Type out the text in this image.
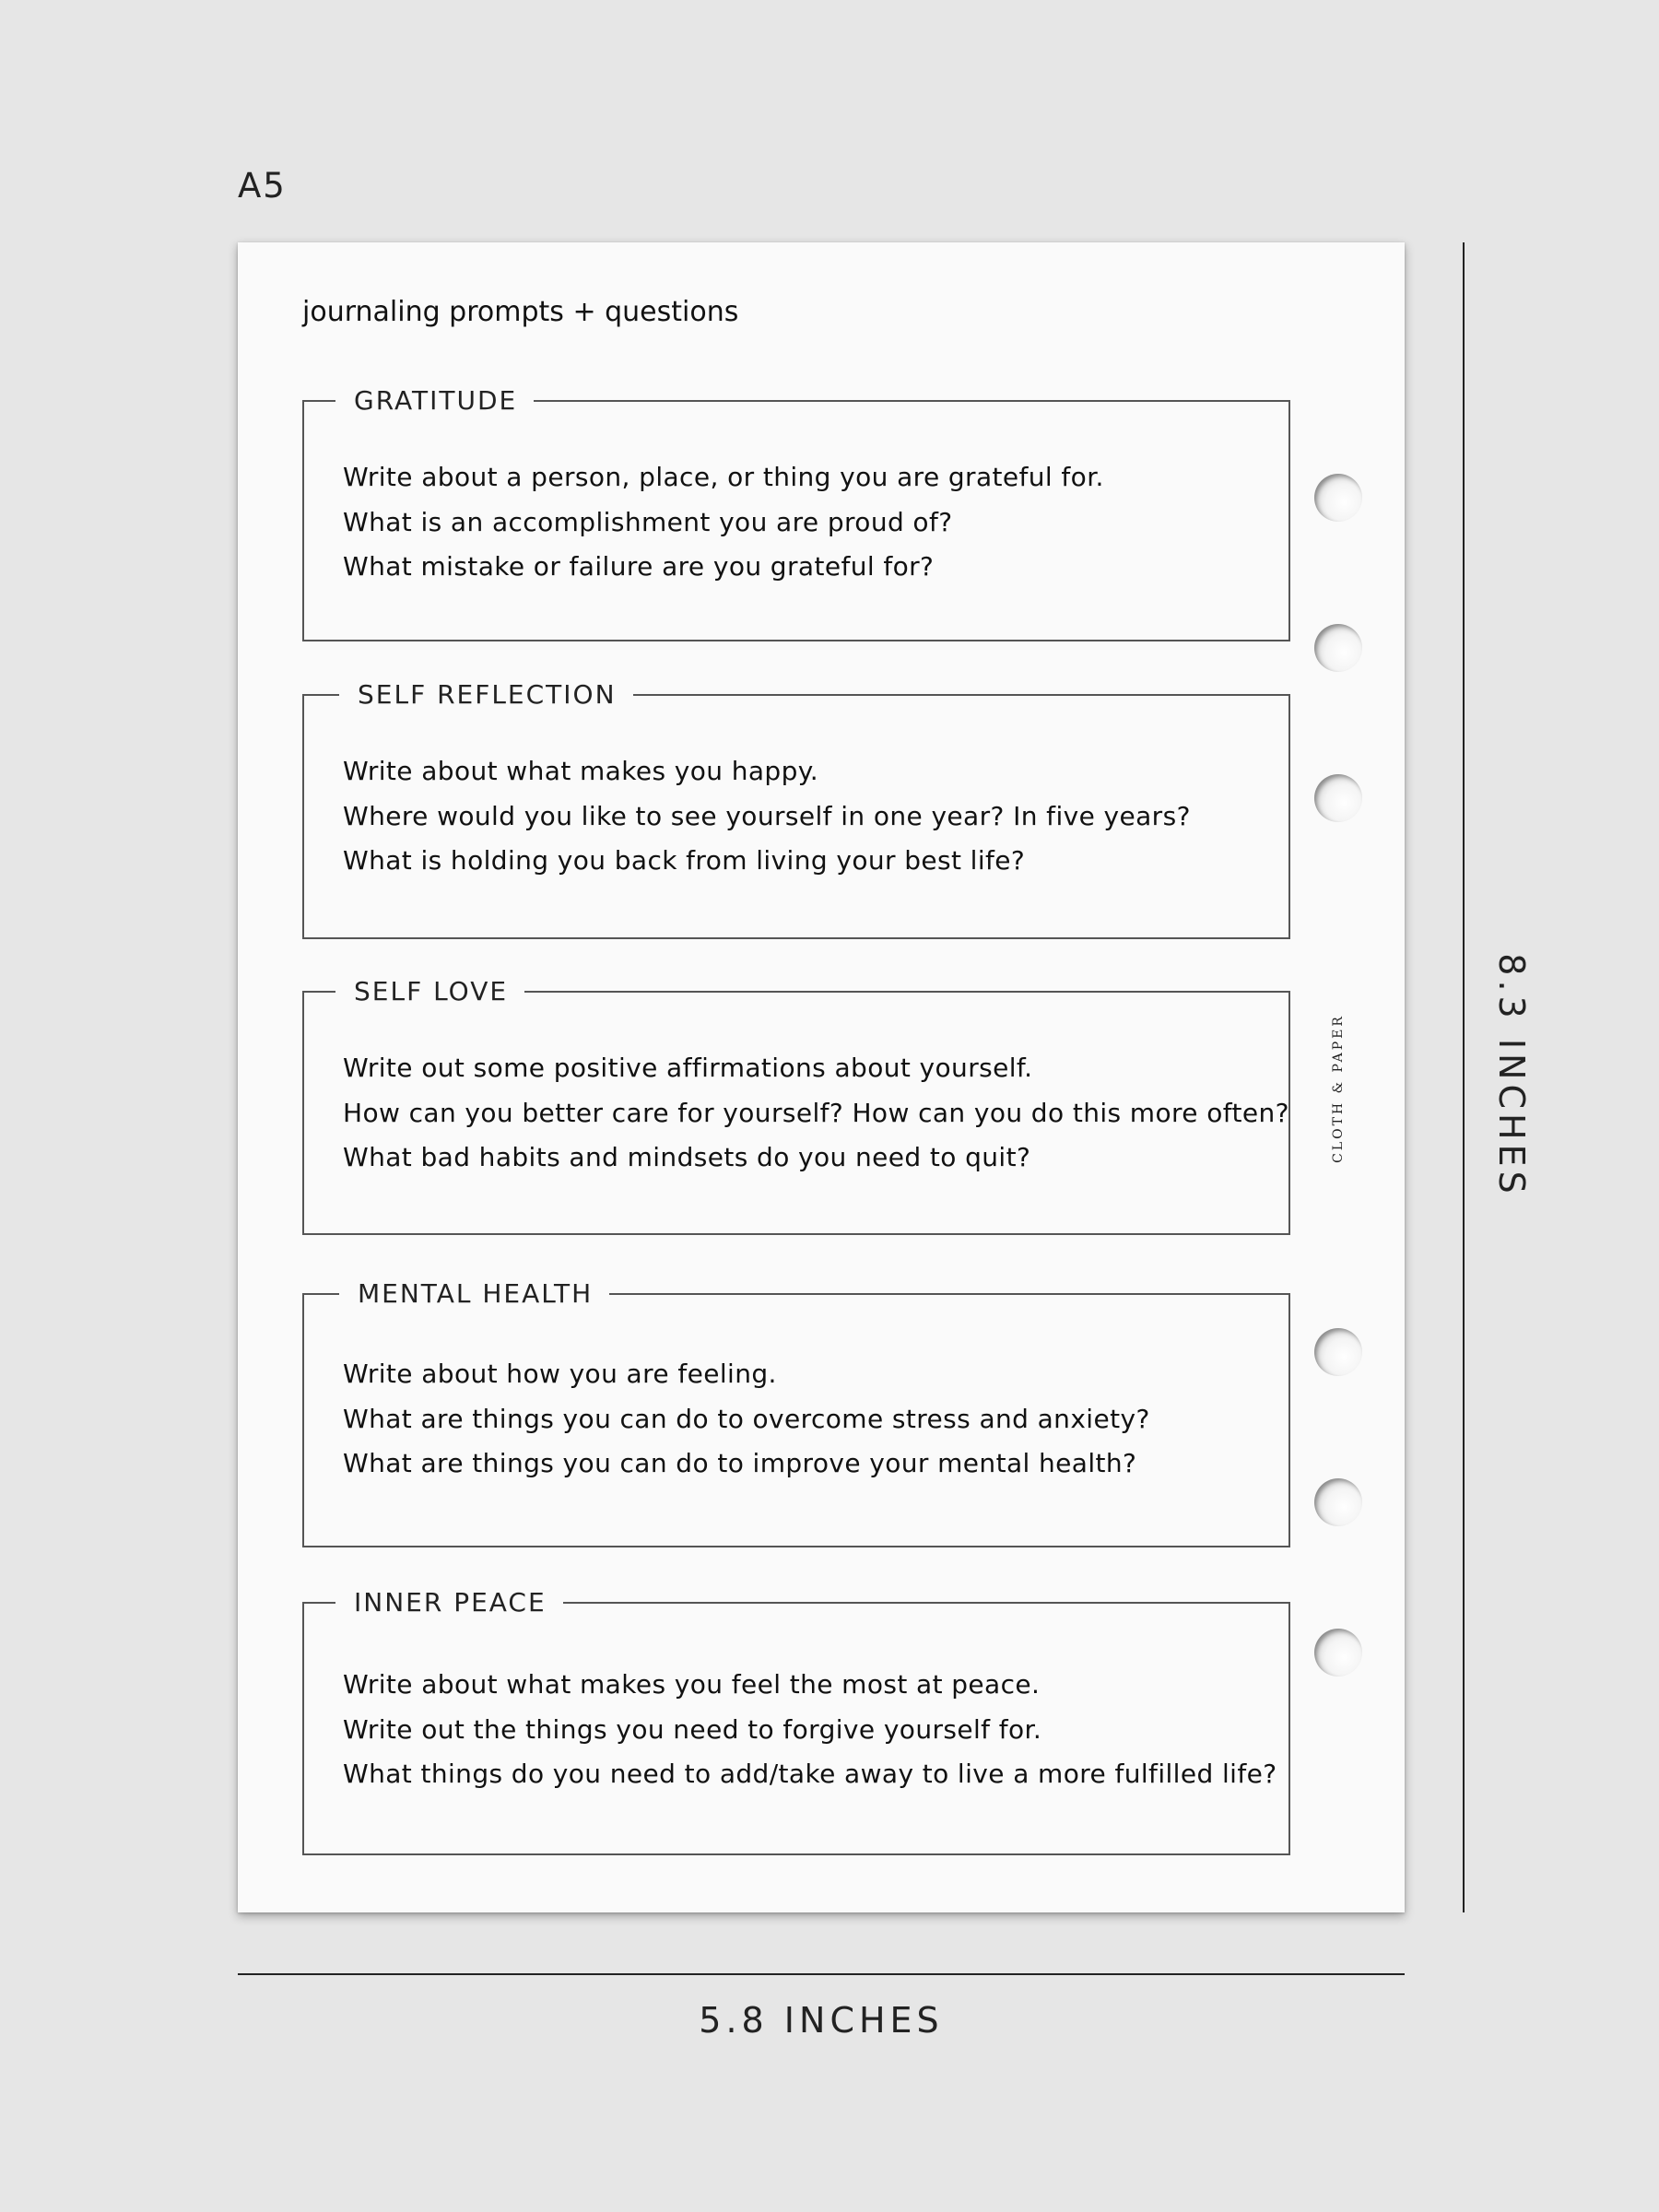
A5
journaling prompts + questions
GRATITUDE
Write about a person, place, or thing you are grateful for.
What is an accomplishment you are proud of?
What mistake or failure are you grateful for?
SELF REFLECTION
Write about what makes you happy.
Where would you like to see yourself in one year? In five years?
What is holding you back from living your best life?
SELF LOVE
Write out some positive affirmations about yourself.
How can you better care for yourself? How can you do this more often?
What bad habits and mindsets do you need to quit?
MENTAL HEALTH
Write about how you are feeling.
What are things you can do to overcome stress and anxiety?
What are things you can do to improve your mental health?
INNER PEACE
Write about what makes you feel the most at peace.
Write out the things you need to forgive yourself for.
What things do you need to add/take away to live a more fulfilled life?
CLOTH & PAPER	8.3 INCHES
5.8 INCHES
